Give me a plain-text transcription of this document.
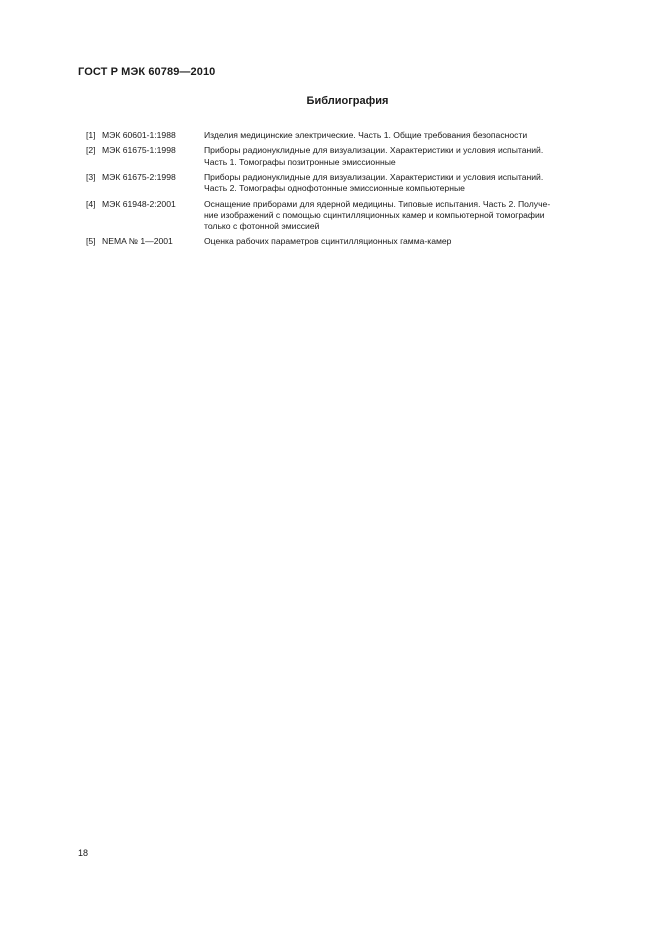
ГОСТ Р МЭК 60789—2010
Библиография
[1] МЭК 60601-1:1988	Изделия медицинские электрические. Часть 1. Общие требования безопасности
[2] МЭК 61675-1:1998	Приборы радионуклидные для визуализации. Характеристики и условия испытаний.
Часть 1. Томографы позитронные эмиссионные
[3] МЭК 61675-2:1998	Приборы радионуклидные для визуализации. Характеристики и условия испытаний.
Часть 2. Томографы однофотонные эмиссионные компьютерные
[4] МЭК 61948-2:2001	Оснащение приборами для ядерной медицины. Типовые испытания. Часть 2. Получе-
ние изображений с помощью сцинтилляционных камер и компьютерной томографии
только с фотонной эмиссией
[5] NEMA № 1—2001	Оценка рабочих параметров сцинтилляционных гамма-камер
18
